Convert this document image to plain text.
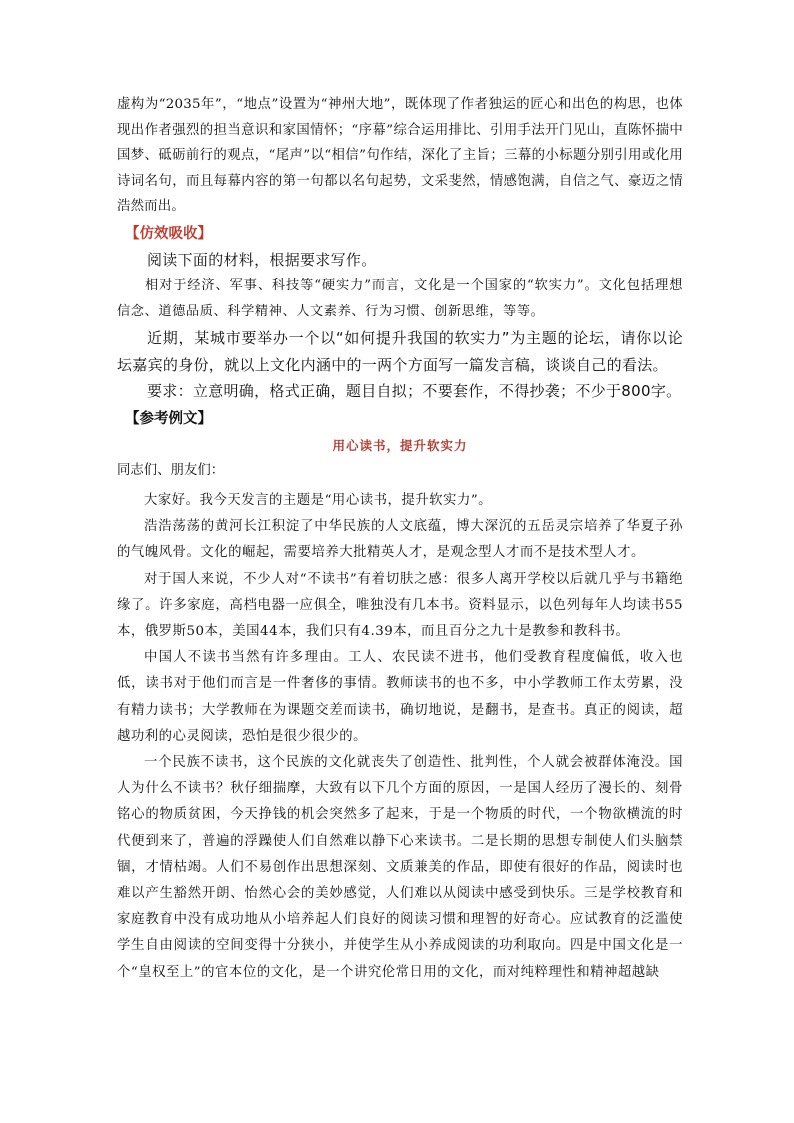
虚构为“2035年”，“地点”设置为“神州大地”，既体现了作者独运的匠心和出色的构思，也体现出作者强烈的担当意识和家国情怀；“序幕”综合运用排比、引用手法开门见山，直陈怀揣中国梦、砥砺前行的观点，“尾声”以“相信”句作结，深化了主旨；三幕的小标题分别引用或化用诗词名句，而且每幕内容的第一句都以名句起势，文采斐然，情感饱满，自信之气、豪迈之情浩然而出。

【仿效吸收】

阅读下面的材料，根据要求写作。

相对于经济、军事、科技等“硬实力”而言，文化是一个国家的“软实力”。文化包括理想信念、道德品质、科学精神、人文素养、行为习惯、创新思维，等等。

近期，某城市要举办一个以“如何提升我国的软实力”为主题的论坛，请你以论坛嘉宾的身份，就以上文化内涵中的一两个方面写一篇发言稿，谈谈自己的看法。

要求：立意明确，格式正确，题目自拟；不要套作，不得抄袭；不少于800字。

【参考例文】
用心读书，提升软实力
同志们、朋友们：

大家好。我今天发言的主题是“用心读书，提升软实力”。

浩浩荡荡的黄河长江积淀了中华民族的人文底蕴，博大深沉的五岳灵宗培养了华夏子孙的气魄风骨。文化的崛起，需要培养大批精英人才，是观念型人才而不是技术型人才。

对于国人来说，不少人对“不读书”有着切肤之感：很多人离开学校以后就几乎与书籍绝缘了。许多家庭，高档电器一应俱全，唯独没有几本书。资料显示，以色列每年人均读书55本，俄罗斯50本，美国44本，我们只有4.39本，而且百分之九十是教参和教科书。

中国人不读书当然有许多理由。工人、农民读不进书，他们受教育程度偏低，收入也低，读书对于他们而言是一件奢侈的事情。教师读书的也不多，中小学教师工作太劳累，没有精力读书；大学教师在为课题交差而读书，确切地说，是翻书，是查书。真正的阅读，超越功利的心灵阅读，恐怕是很少很少的。

一个民族不读书，这个民族的文化就丧失了创造性、批判性，个人就会被群体淹没。国人为什么不读书？秋仔细揣摩，大致有以下几个方面的原因，一是国人经历了漫长的、刻骨铭心的物质贫困，今天挣钱的机会突然多了起来，于是一个物质的时代，一个物欲横流的时代便到来了，普遍的浮躁使人们自然难以静下心来读书。二是长期的思想专制使人们头脑禁锢，才情枯竭。人们不易创作出思想深刻、文质兼美的作品，即使有很好的作品，阅读时也难以产生豁然开朗、怡然心会的美妙感觉，人们难以从阅读中感受到快乐。三是学校教育和家庭教育中没有成功地从小培养起人们良好的阅读习惯和理智的好奇心。应试教育的泛滥使学生自由阅读的空间变得十分狭小，并使学生从小养成阅读的功利取向。四是中国文化是一个“皇权至上”的官本位的文化，是一个讲究伦常日用的文化，而对纯粹理性和精神超越缺
